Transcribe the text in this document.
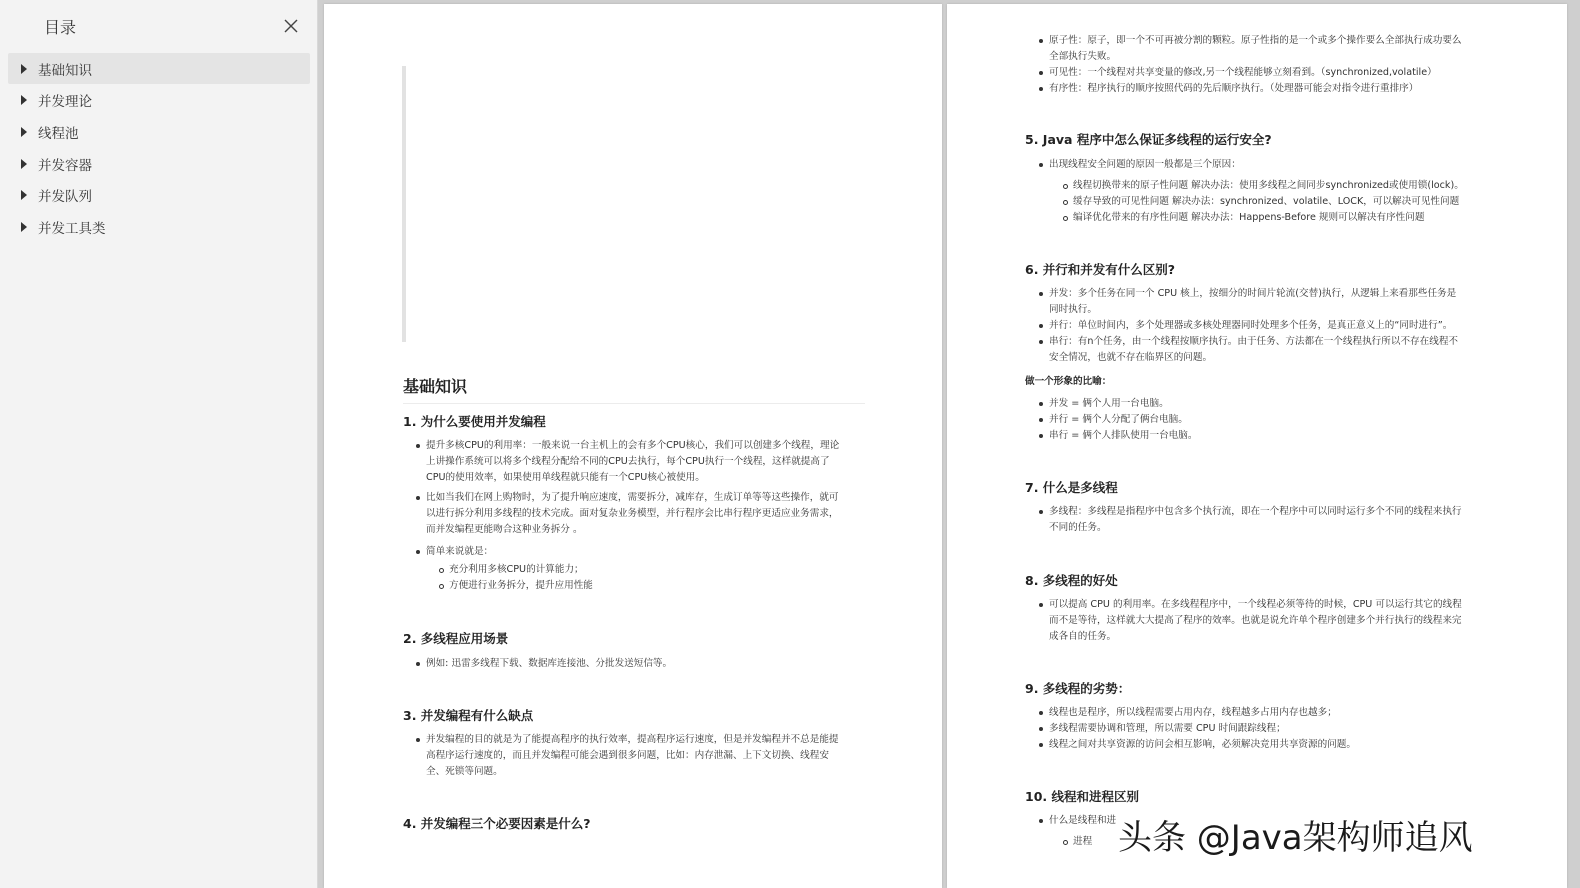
目录
基础知识
并发理论
线程池
并发容器
并发队列
并发工具类
基础知识
1. 为什么要使用并发编程
提升多核CPU的利用率：一般来说一台主机上的会有多个CPU核心，我们可以创建多个线程，理论
上讲操作系统可以将多个线程分配给不同的CPU去执行，每个CPU执行一个线程，这样就提高了
CPU的使用效率，如果使用单线程就只能有一个CPU核心被使用。
比如当我们在网上购物时，为了提升响应速度，需要拆分，减库存，生成订单等等这些操作，就可
以进行拆分利用多线程的技术完成。面对复杂业务模型，并行程序会比串行程序更适应业务需求，
而并发编程更能吻合这种业务拆分 。
简单来说就是：
充分利用多核CPU的计算能力；
方便进行业务拆分，提升应用性能
2. 多线程应用场景
例如: 迅雷多线程下载、数据库连接池、分批发送短信等。
3. 并发编程有什么缺点
并发编程的目的就是为了能提高程序的执行效率，提高程序运行速度，但是并发编程并不总是能提
高程序运行速度的，而且并发编程可能会遇到很多问题，比如：内存泄漏、上下文切换、线程安
全、死锁等问题。
4. 并发编程三个必要因素是什么?
原子性：原子，即一个不可再被分割的颗粒。原子性指的是一个或多个操作要么全部执行成功要么
全部执行失败。
可见性：一个线程对共享变量的修改,另一个线程能够立刻看到。（synchronized,volatile）
有序性：程序执行的顺序按照代码的先后顺序执行。（处理器可能会对指令进行重排序）
5. Java 程序中怎么保证多线程的运行安全?
出现线程安全问题的原因一般都是三个原因：
线程切换带来的原子性问题 解决办法：使用多线程之间同步synchronized或使用锁(lock)。
缓存导致的可见性问题 解决办法：synchronized、volatile、LOCK，可以解决可见性问题
编译优化带来的有序性问题 解决办法：Happens-Before 规则可以解决有序性问题
6. 并行和并发有什么区别?
并发：多个任务在同一个 CPU 核上，按细分的时间片轮流(交替)执行，从逻辑上来看那些任务是
同时执行。
并行：单位时间内，多个处理器或多核处理器同时处理多个任务，是真正意义上的“同时进行”。
串行：有n个任务，由一个线程按顺序执行。由于任务、方法都在一个线程执行所以不存在线程不
安全情况，也就不存在临界区的问题。
做一个形象的比喻：
并发 = 俩个人用一台电脑。
并行 = 俩个人分配了俩台电脑。
串行 = 俩个人排队使用一台电脑。
7. 什么是多线程
多线程：多线程是指程序中包含多个执行流，即在一个程序中可以同时运行多个不同的线程来执行
不同的任务。
8. 多线程的好处
可以提高 CPU 的利用率。在多线程程序中，一个线程必须等待的时候，CPU 可以运行其它的线程
而不是等待，这样就大大提高了程序的效率。也就是说允许单个程序创建多个并行执行的线程来完
成各自的任务。
9. 多线程的劣势：
线程也是程序，所以线程需要占用内存，线程越多占用内存也越多；
多线程需要协调和管理，所以需要 CPU 时间跟踪线程；
线程之间对共享资源的访问会相互影响，必须解决竞用共享资源的问题。
10. 线程和进程区别
什么是线程和进
进程 头条 @Java架构师追风
